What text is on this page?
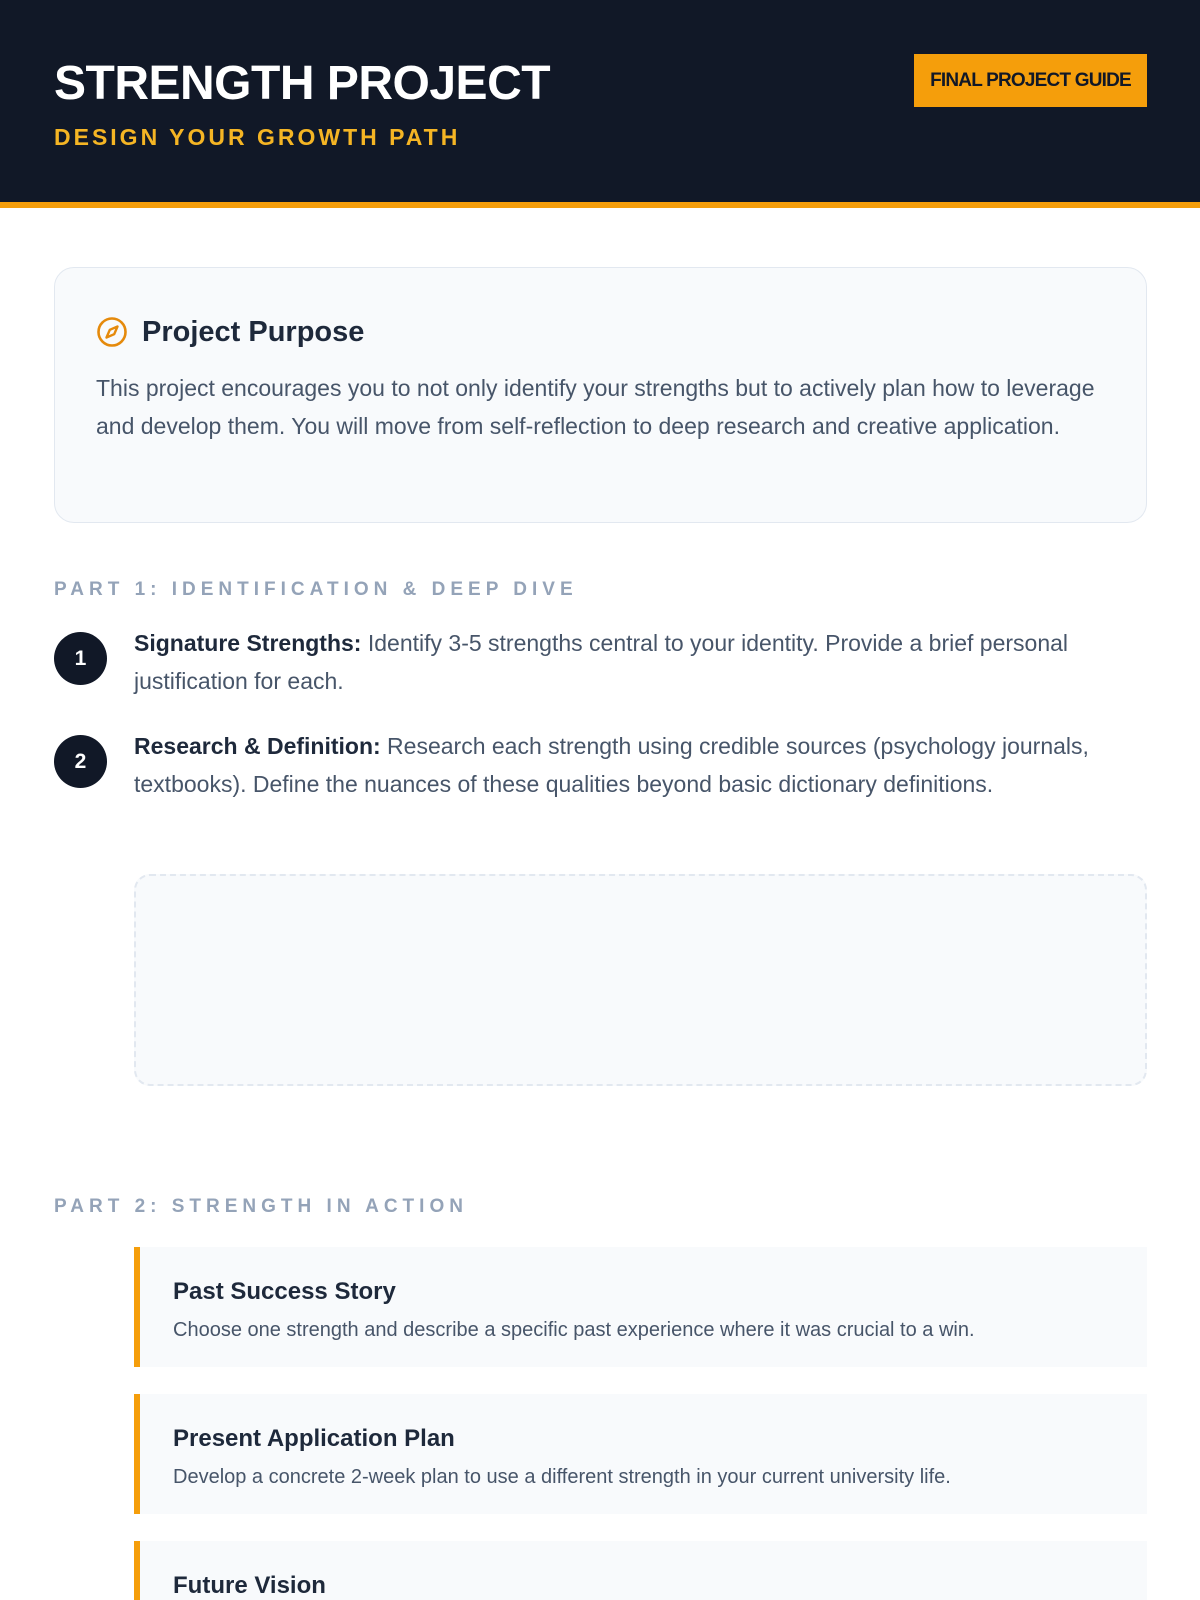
STRENGTH PROJECT
DESIGN YOUR GROWTH PATH
FINAL PROJECT GUIDE
Project Purpose

This project encourages you to not only identify your strengths but to actively plan how to leverage and develop them. You will move from self-reflection to deep research and creative application.

PART 1: IDENTIFICATION & DEEP DIVE
1
Signature Strengths: Identify 3-5 strengths central to your identity. Provide a brief personal justification for each.
2
Research & Definition: Research each strength using credible sources (psychology journals, textbooks). Define the nuances of these qualities beyond basic dictionary definitions.
PART 2: STRENGTH IN ACTION
Past Success Story

Choose one strength and describe a specific past experience where it was crucial to a win.

Present Application Plan

Develop a concrete 2-week plan to use a different strength in your current university life.

Future Vision
